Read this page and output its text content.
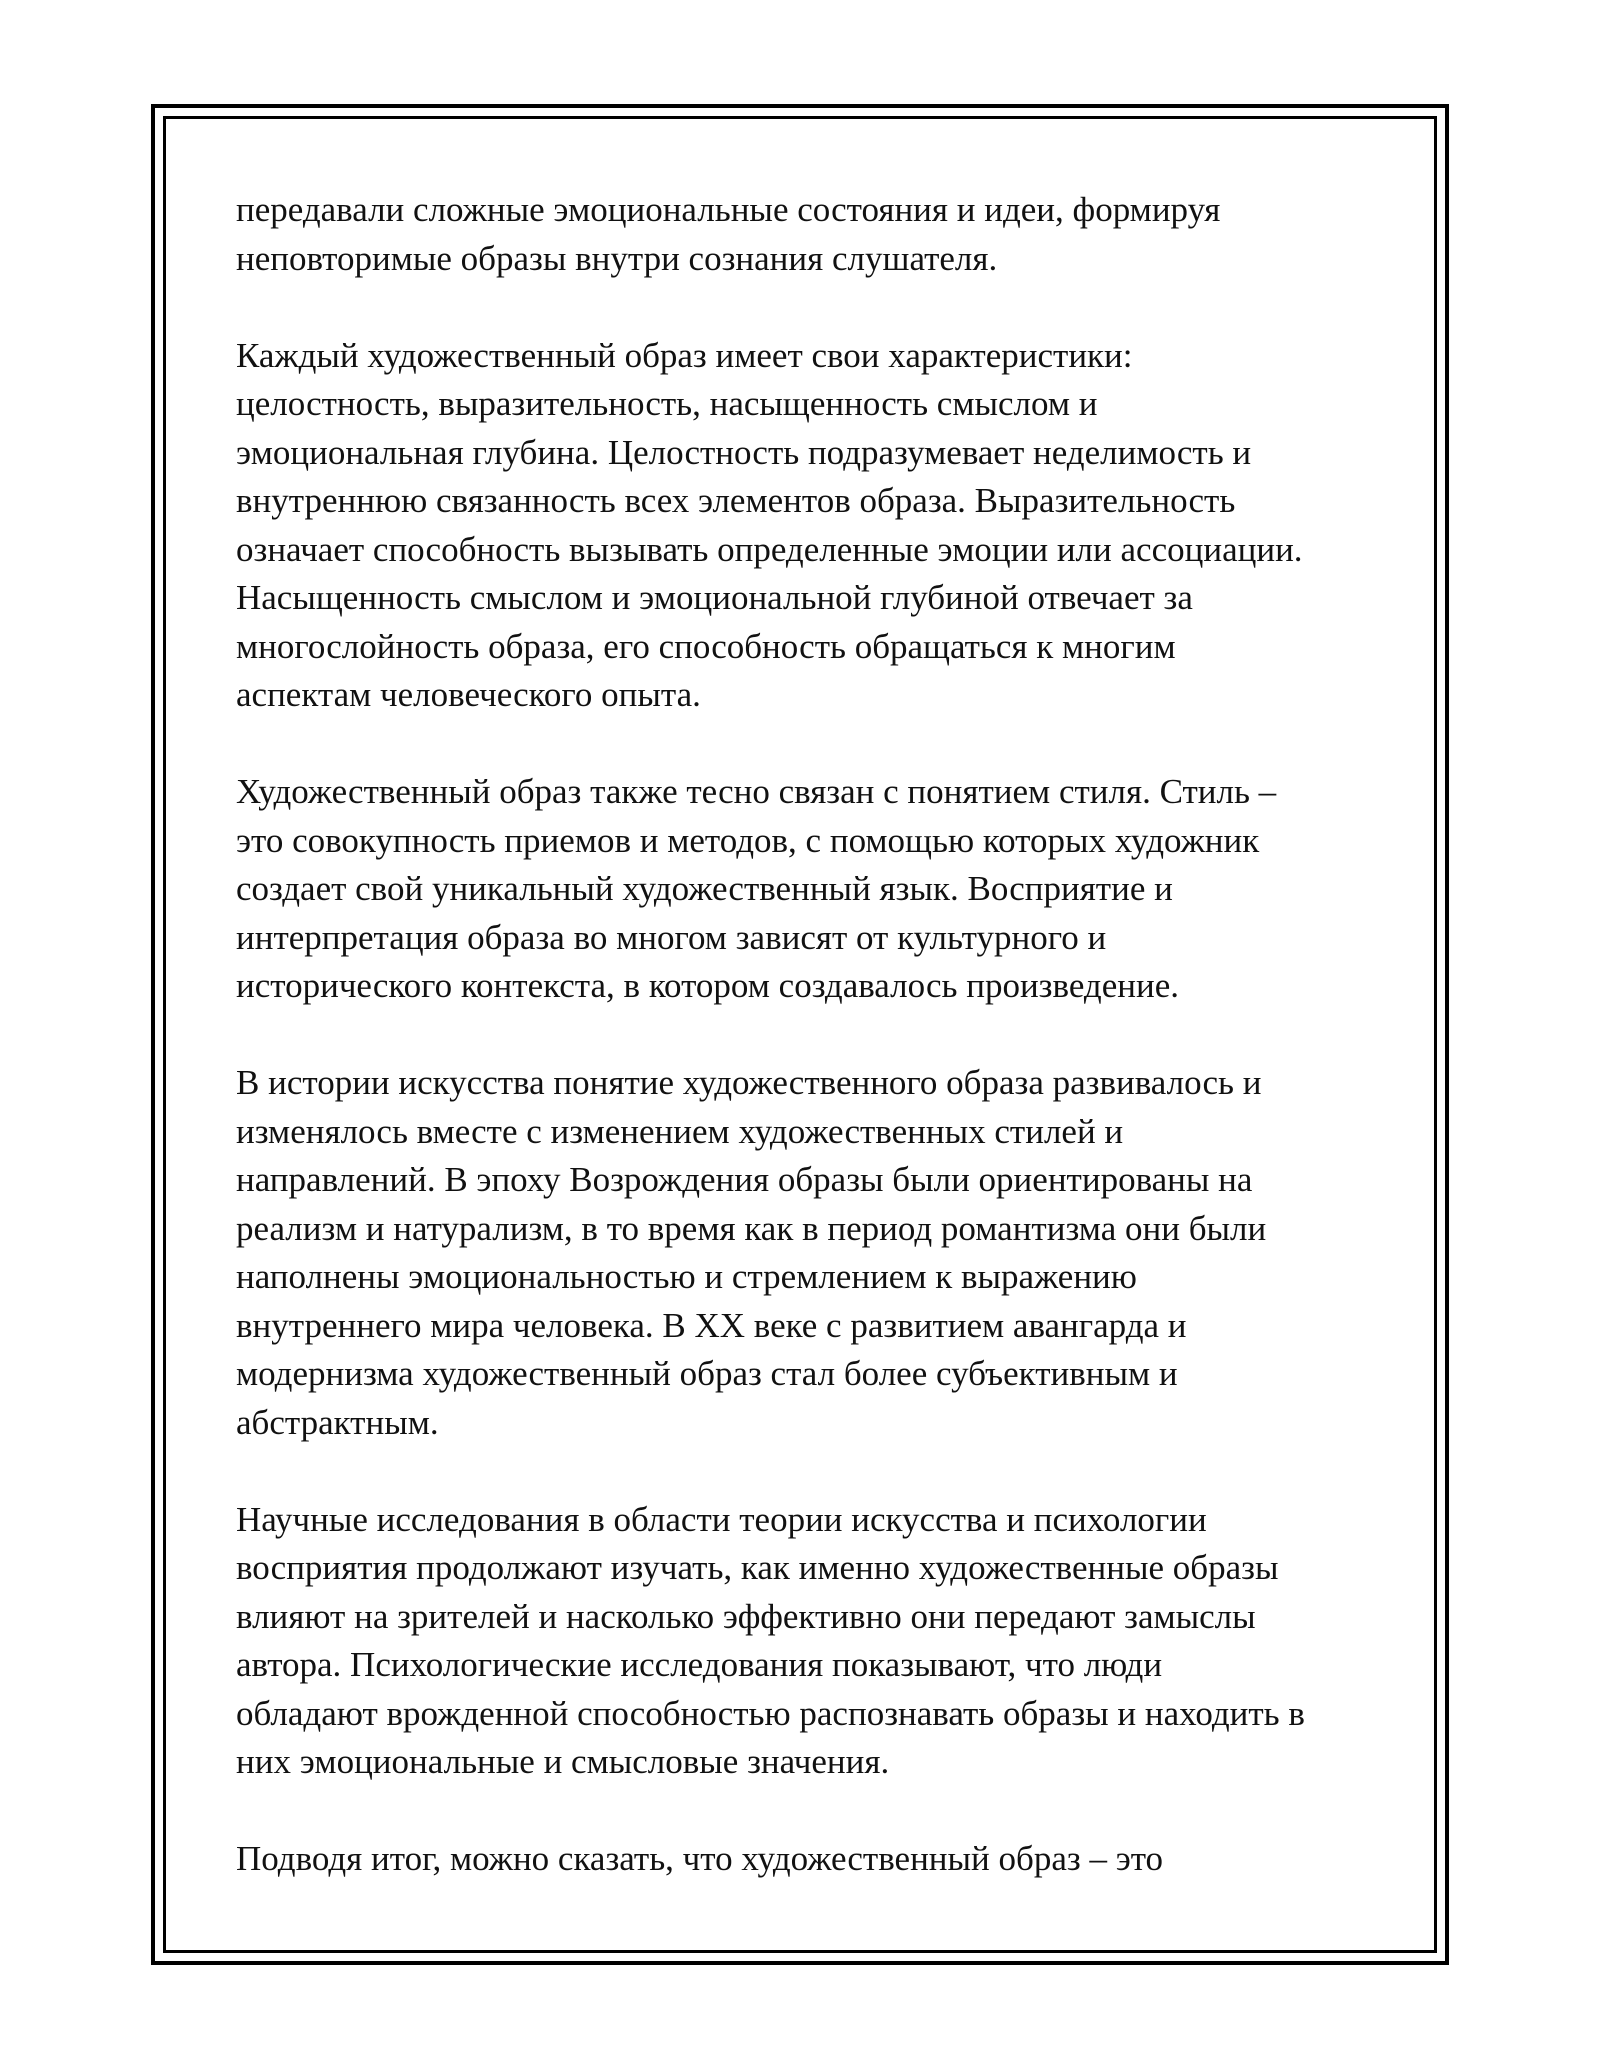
передавали сложные эмоциональные состояния и идеи, формируя
неповторимые образы внутри сознания слушателя.

Каждый художественный образ имеет свои характеристики:
целостность, выразительность, насыщенность смыслом и
эмоциональная глубина. Целостность подразумевает неделимость и
внутреннюю связанность всех элементов образа. Выразительность
означает способность вызывать определенные эмоции или ассоциации.
Насыщенность смыслом и эмоциональной глубиной отвечает за
многослойность образа, его способность обращаться к многим
аспектам человеческого опыта.

Художественный образ также тесно связан с понятием стиля. Стиль –
это совокупность приемов и методов, с помощью которых художник
создает свой уникальный художественный язык. Восприятие и
интерпретация образа во многом зависят от культурного и
исторического контекста, в котором создавалось произведение.

В истории искусства понятие художественного образа развивалось и
изменялось вместе с изменением художественных стилей и
направлений. В эпоху Возрождения образы были ориентированы на
реализм и натурализм, в то время как в период романтизма они были
наполнены эмоциональностью и стремлением к выражению
внутреннего мира человека. В XX веке с развитием авангарда и
модернизма художественный образ стал более субъективным и
абстрактным.

Научные исследования в области теории искусства и психологии
восприятия продолжают изучать, как именно художественные образы
влияют на зрителей и насколько эффективно они передают замыслы
автора. Психологические исследования показывают, что люди
обладают врожденной способностью распознавать образы и находить в
них эмоциональные и смысловые значения.

Подводя итог, можно сказать, что художественный образ – это
